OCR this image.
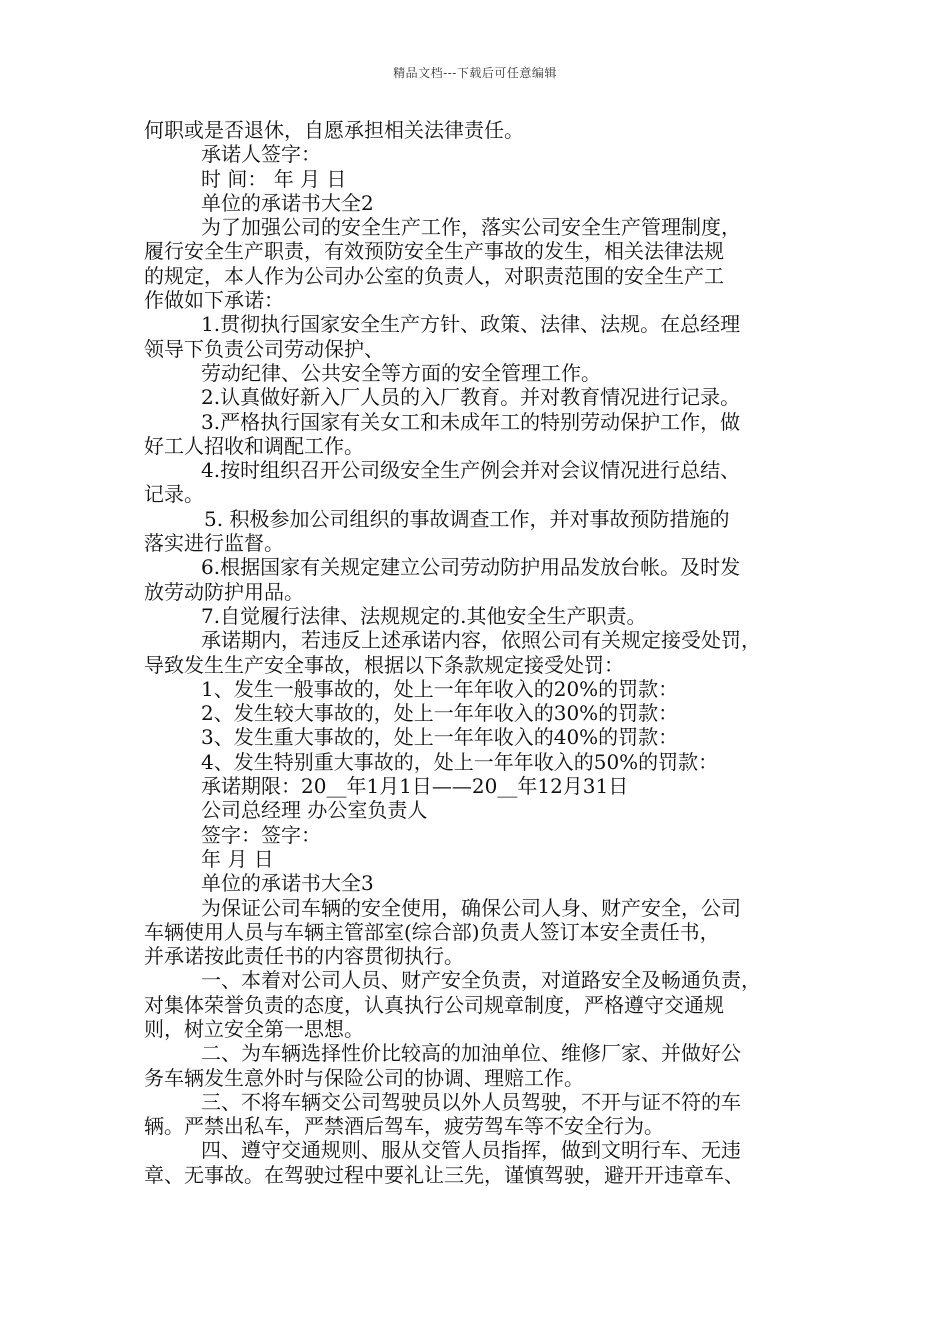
精品文档---下载后可任意编辑
何职或是否退休，自愿承担相关法律责任。
承诺人签字：
时 间： 年 月 日
单位的承诺书大全2
为了加强公司的安全生产工作，落实公司安全生产管理制度，
履行安全生产职责，有效预防安全生产事故的发生，相关法律法规
的规定，本人作为公司办公室的负责人，对职责范围的安全生产工
作做如下承诺：
1.贯彻执行国家安全生产方针、政策、法律、法规。在总经理
领导下负责公司劳动保护、
劳动纪律、公共安全等方面的安全管理工作。
2.认真做好新入厂人员的入厂教育。并对教育情况进行记录。
3.严格执行国家有关女工和未成年工的特别劳动保护工作，做
好工人招收和调配工作。
4.按时组织召开公司级安全生产例会并对会议情况进行总结、
记录。
5. 积极参加公司组织的事故调查工作，并对事故预防措施的
落实进行监督。
6.根据国家有关规定建立公司劳动防护用品发放台帐。及时发
放劳动防护用品。
7.自觉履行法律、法规规定的.其他安全生产职责。
承诺期内，若违反上述承诺内容，依照公司有关规定接受处罚，
导致发生生产安全事故，根据以下条款规定接受处罚：
1、发生一般事故的，处上一年年收入的20%的罚款：
2、发生较大事故的，处上一年年收入的30%的罚款：
3、发生重大事故的，处上一年年收入的40%的罚款：
4、发生特别重大事故的，处上一年年收入的50%的罚款：
承诺期限：20__年1月1日——20__年12月31日
公司总经理 办公室负责人
签字：签字：
年 月 日
单位的承诺书大全3
为保证公司车辆的安全使用，确保公司人身、财产安全，公司
车辆使用人员与车辆主管部室(综合部)负责人签订本安全责任书，
并承诺按此责任书的内容贯彻执行。
一、本着对公司人员、财产安全负责，对道路安全及畅通负责，
对集体荣誉负责的态度，认真执行公司规章制度，严格遵守交通规
则，树立安全第一思想。
二、为车辆选择性价比较高的加油单位、维修厂家、并做好公
务车辆发生意外时与保险公司的协调、理赔工作。
三、不将车辆交公司驾驶员以外人员驾驶，不开与证不符的车
辆。严禁出私车，严禁酒后驾车，疲劳驾车等不安全行为。
四、遵守交通规则、服从交管人员指挥，做到文明行车、无违
章、无事故。在驾驶过程中要礼让三先，谨慎驾驶，避开开违章车、
